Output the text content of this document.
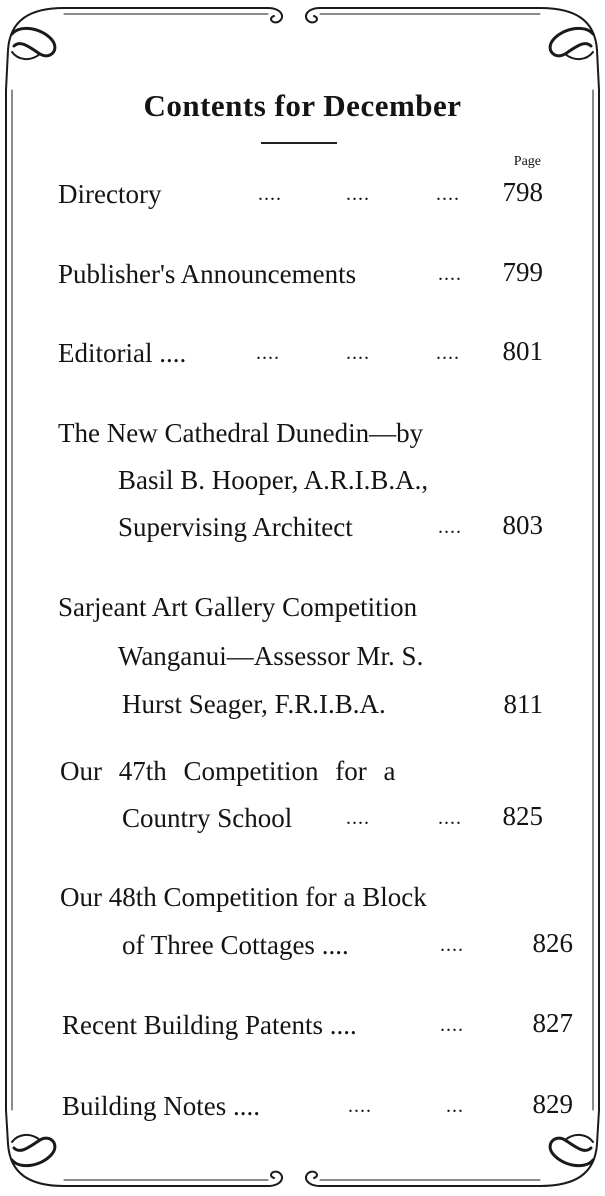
Contents for December
Page
Directory	....	....	.... 798
Publisher's Announcements	.... 799
Editorial ....	....	....	.... 801
The New Cathedral Dunedin—by
Basil B. Hooper, A.R.I.B.A.,
Supervising Architect	.... 803
Sarjeant Art Gallery Competition
Wanganui—Assessor Mr. S.
Hurst Seager, F.R.I.B.A.	811
Our 47th Competition for a
Country School	....	.... 825
Our 48th Competition for a Block
of Three Cottages ....	....	826
Recent Building Patents ....	....	827
Building Notes ....	....	...	829
